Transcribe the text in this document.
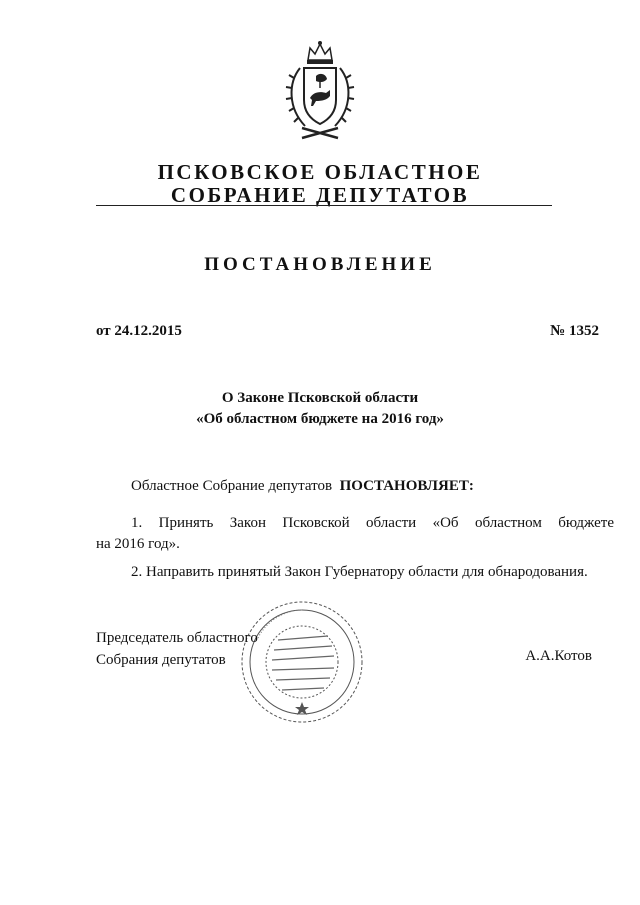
ПСКОВСКОЕ ОБЛАСТНОЕ
СОБРАНИЕ ДЕПУТАТОВ
ПОСТАНОВЛЕНИЕ
от 24.12.2015	№ 1352
О Законе Псковской области
«Об областном бюджете на 2016 год»
Областное Собрание депутатов ПОСТАНОВЛЯЕТ:
1. Принять Закон Псковской области «Об областном бюджете
на 2016 год».
2. Направить принятый Закон Губернатору области для обнародования.
Председатель областного
Собрания депутатов	А.А.Котов
